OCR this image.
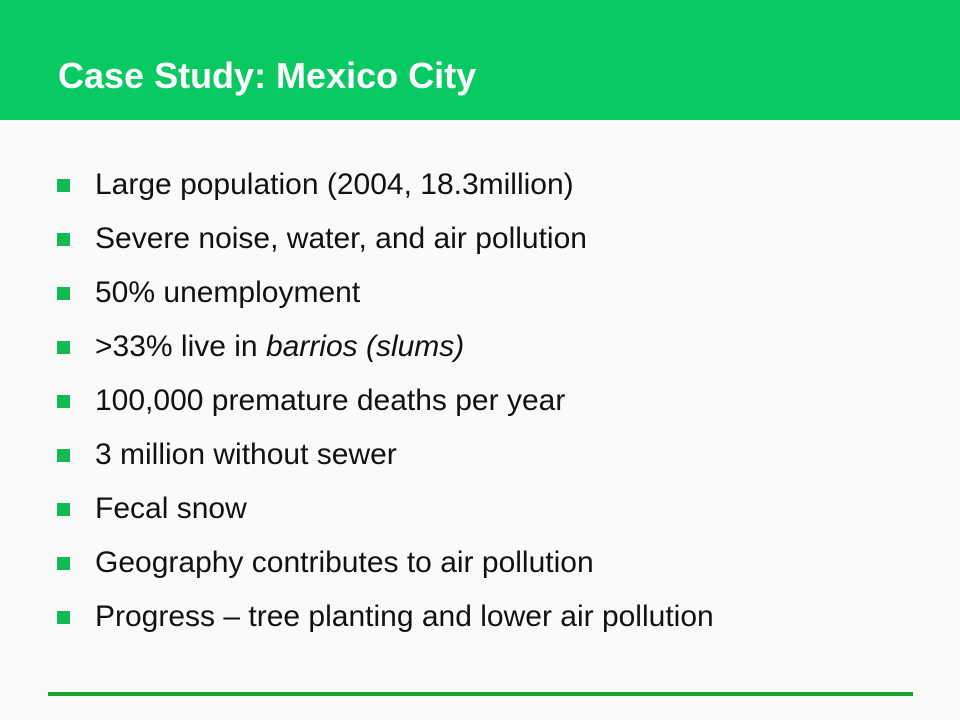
Case Study: Mexico City
Large population (2004, 18.3million)
Severe noise, water, and air pollution
50% unemployment
>33% live in barrios (slums)
100,000 premature deaths per year
3 million without sewer
Fecal snow
Geography contributes to air pollution
Progress – tree planting and lower air pollution
